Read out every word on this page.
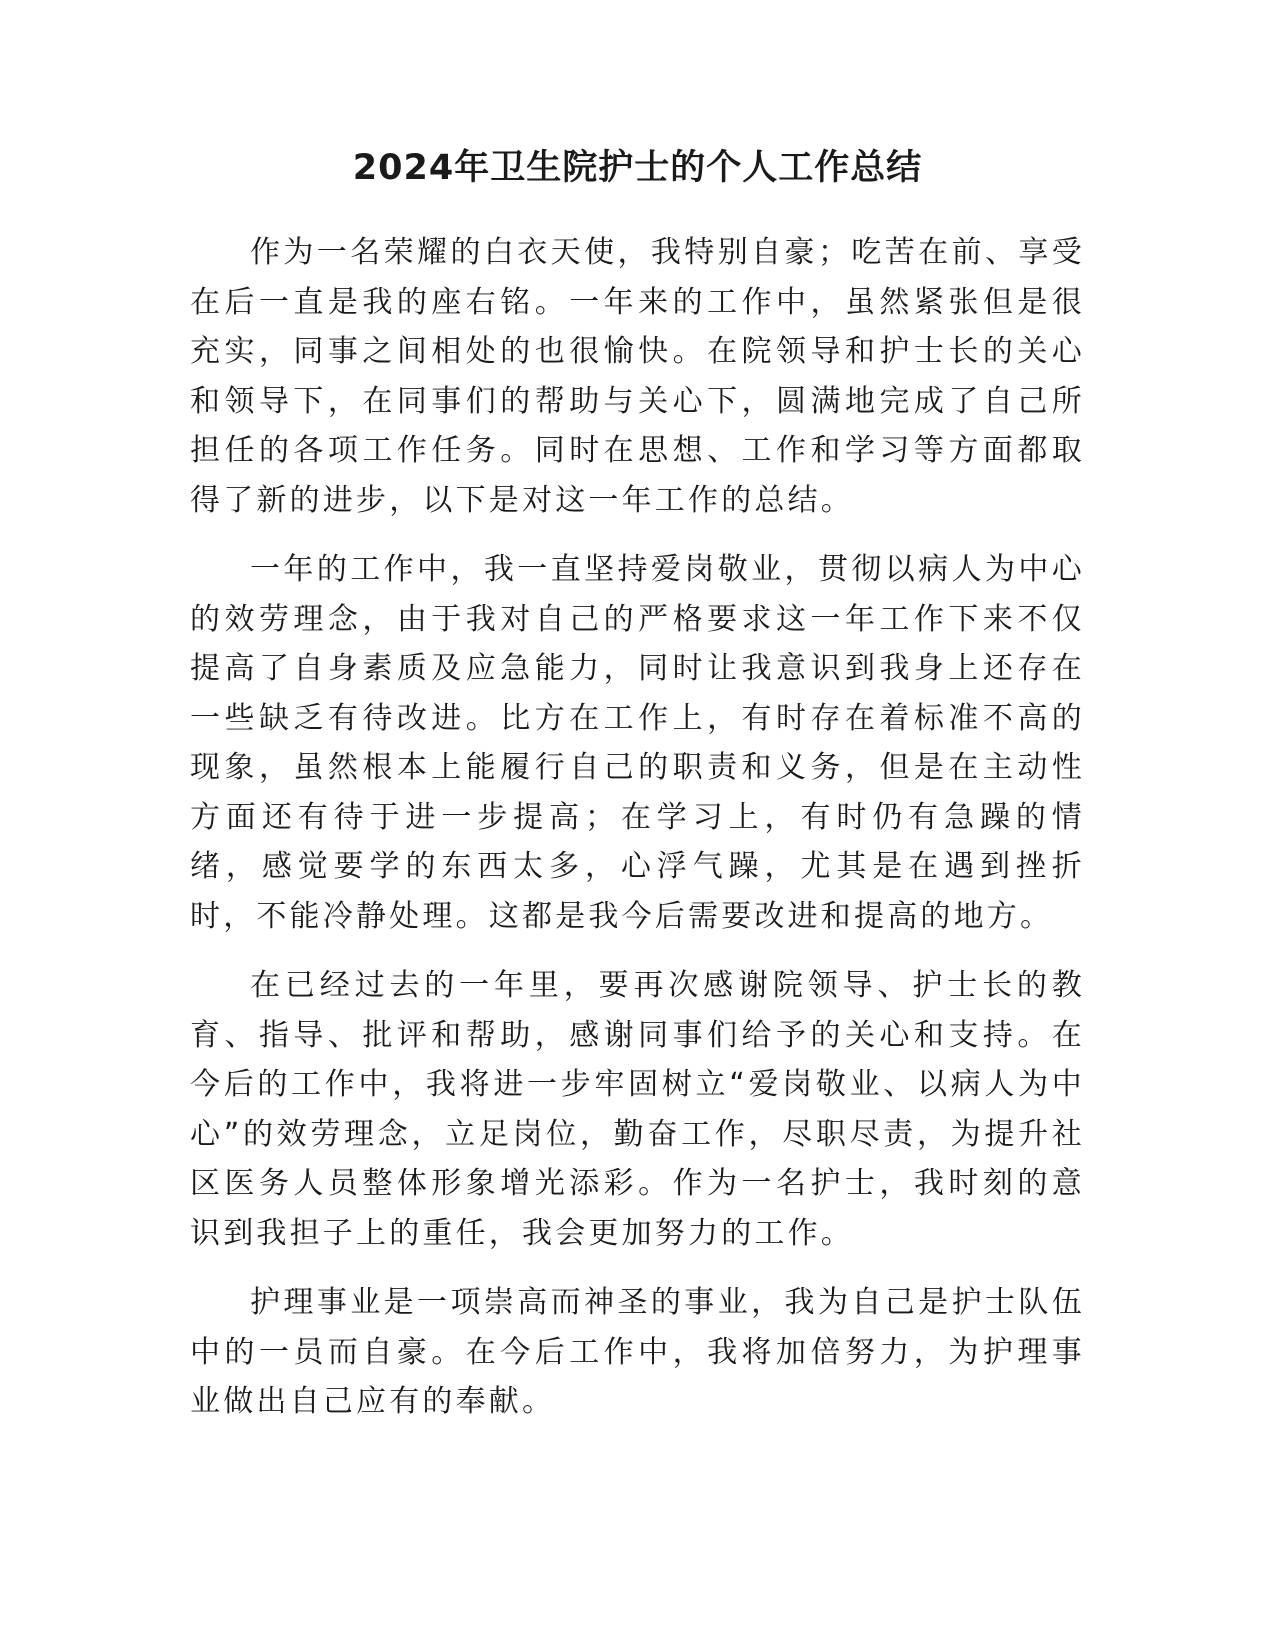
2024年卫生院护士的个人工作总结

作为一名荣耀的白衣天使，我特别自豪；吃苦在前、享受在后一直是我的座右铭。一年来的工作中，虽然紧张但是很充实，同事之间相处的也很愉快。在院领导和护士长的关心和领导下，在同事们的帮助与关心下，圆满地完成了自己所担任的各项工作任务。同时在思想、工作和学习等方面都取得了新的进步，以下是对这一年工作的总结。

一年的工作中，我一直坚持爱岗敬业，贯彻以病人为中心的效劳理念，由于我对自己的严格要求这一年工作下来不仅提高了自身素质及应急能力，同时让我意识到我身上还存在一些缺乏有待改进。比方在工作上，有时存在着标准不高的现象，虽然根本上能履行自己的职责和义务，但是在主动性方面还有待于进一步提高；在学习上，有时仍有急躁的情绪，感觉要学的东西太多，心浮气躁，尤其是在遇到挫折时，不能冷静处理。这都是我今后需要改进和提高的地方。

在已经过去的一年里，要再次感谢院领导、护士长的教育、指导、批评和帮助，感谢同事们给予的关心和支持。在今后的工作中，我将进一步牢固树立“爱岗敬业、以病人为中心”的效劳理念，立足岗位，勤奋工作，尽职尽责，为提升社区医务人员整体形象增光添彩。作为一名护士，我时刻的意识到我担子上的重任，我会更加努力的工作。

护理事业是一项崇高而神圣的事业，我为自己是护士队伍中的一员而自豪。在今后工作中，我将加倍努力，为护理事业做出自己应有的奉献。
